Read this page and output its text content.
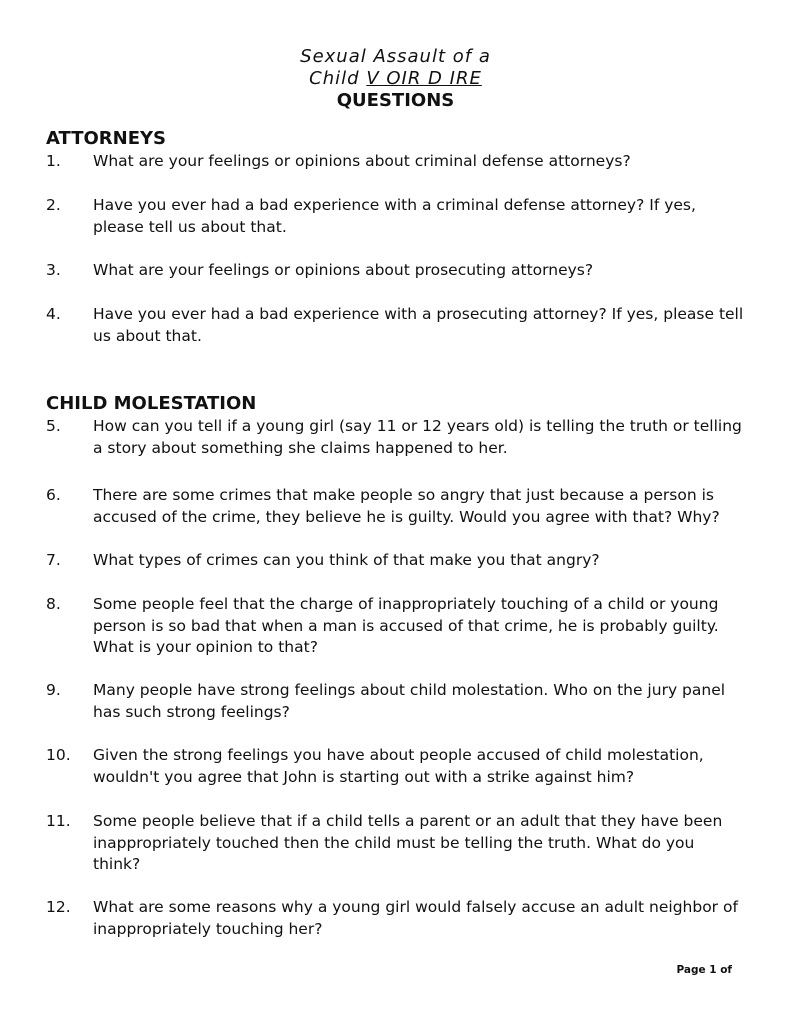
Sexual Assault of a
Child V OIR D IRE
QUESTIONS
ATTORNEYS
1. What are your feelings or opinions about criminal defense attorneys?
2. Have you ever had a bad experience with a criminal defense attorney? If yes, please tell us about that.
3. What are your feelings or opinions about prosecuting attorneys?
4. Have you ever had a bad experience with a prosecuting attorney? If yes, please tell us about that.
CHILD MOLESTATION
5. How can you tell if a young girl (say 11 or 12 years old) is telling the truth or telling a story about something she claims happened to her.
6. There are some crimes that make people so angry that just because a person is accused of the crime, they believe he is guilty. Would you agree with that? Why?
7. What types of crimes can you think of that make you that angry?
8. Some people feel that the charge of inappropriately touching of a child or young person is so bad that when a man is accused of that crime, he is probably guilty. What is your opinion to that?
9. Many people have strong feelings about child molestation. Who on the jury panel has such strong feelings?
10. Given the strong feelings you have about people accused of child molestation, wouldn't you agree that John is starting out with a strike against him?
11. Some people believe that if a child tells a parent or an adult that they have been inappropriately touched then the child must be telling the truth. What do you think?
12. What are some reasons why a young girl would falsely accuse an adult neighbor of inappropriately touching her?
Page 1 of
